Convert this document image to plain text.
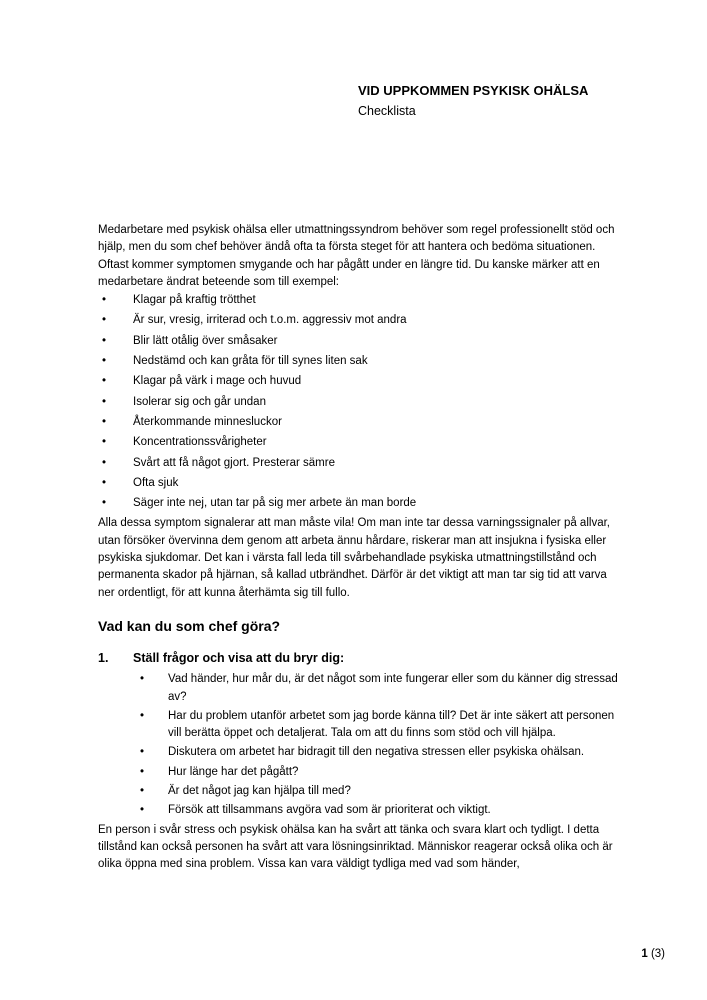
VID UPPKOMMEN PSYKISK OHÄLSA
Checklista

Medarbetare med psykisk ohälsa eller utmattningssyndrom behöver som regel professionellt stöd och hjälp, men du som chef behöver ändå ofta ta första steget för att hantera och bedöma situationen.

Oftast kommer symptomen smygande och har pågått under en längre tid. Du kanske märker att en medarbetare ändrat beteende som till exempel:

• Klagar på kraftig trötthet
• Är sur, vresig, irriterad och t.o.m. aggressiv mot andra
• Blir lätt otålig över småsaker
• Nedstämd och kan gråta för till synes liten sak
• Klagar på värk i mage och huvud
• Isolerar sig och går undan
• Återkommande minnesluckor
• Koncentrationssvårigheter
• Svårt att få något gjort. Presterar sämre
• Ofta sjuk
• Säger inte nej, utan tar på sig mer arbete än man borde

Alla dessa symptom signalerar att man måste vila! Om man inte tar dessa varningssignaler på allvar, utan försöker övervinna dem genom att arbeta ännu hårdare, riskerar man att insjukna i fysiska eller psykiska sjukdomar. Det kan i värsta fall leda till svårbehandlade psykiska utmattningstillstånd och permanenta skador på hjärnan, så kallad utbrändhet. Därför är det viktigt att man tar sig tid att varva ner ordentligt, för att kunna återhämta sig till fullo.

Vad kan du som chef göra?
1. Ställ frågor och visa att du bryr dig:
• Vad händer, hur mår du, är det något som inte fungerar eller som du känner dig stressad av?
• Har du problem utanför arbetet som jag borde känna till? Det är inte säkert att personen vill berätta öppet och detaljerat. Tala om att du finns som stöd och vill hjälpa.
• Diskutera om arbetet har bidragit till den negativa stressen eller psykiska ohälsan.
• Hur länge har det pågått?
• Är det något jag kan hjälpa till med?
• Försök att tillsammans avgöra vad som är prioriterat och viktigt.

En person i svår stress och psykisk ohälsa kan ha svårt att tänka och svara klart och tydligt. I detta tillstånd kan också personen ha svårt att vara lösningsinriktad. Människor reagerar också olika och är olika öppna med sina problem. Vissa kan vara väldigt tydliga med vad som händer,

1 (3)
